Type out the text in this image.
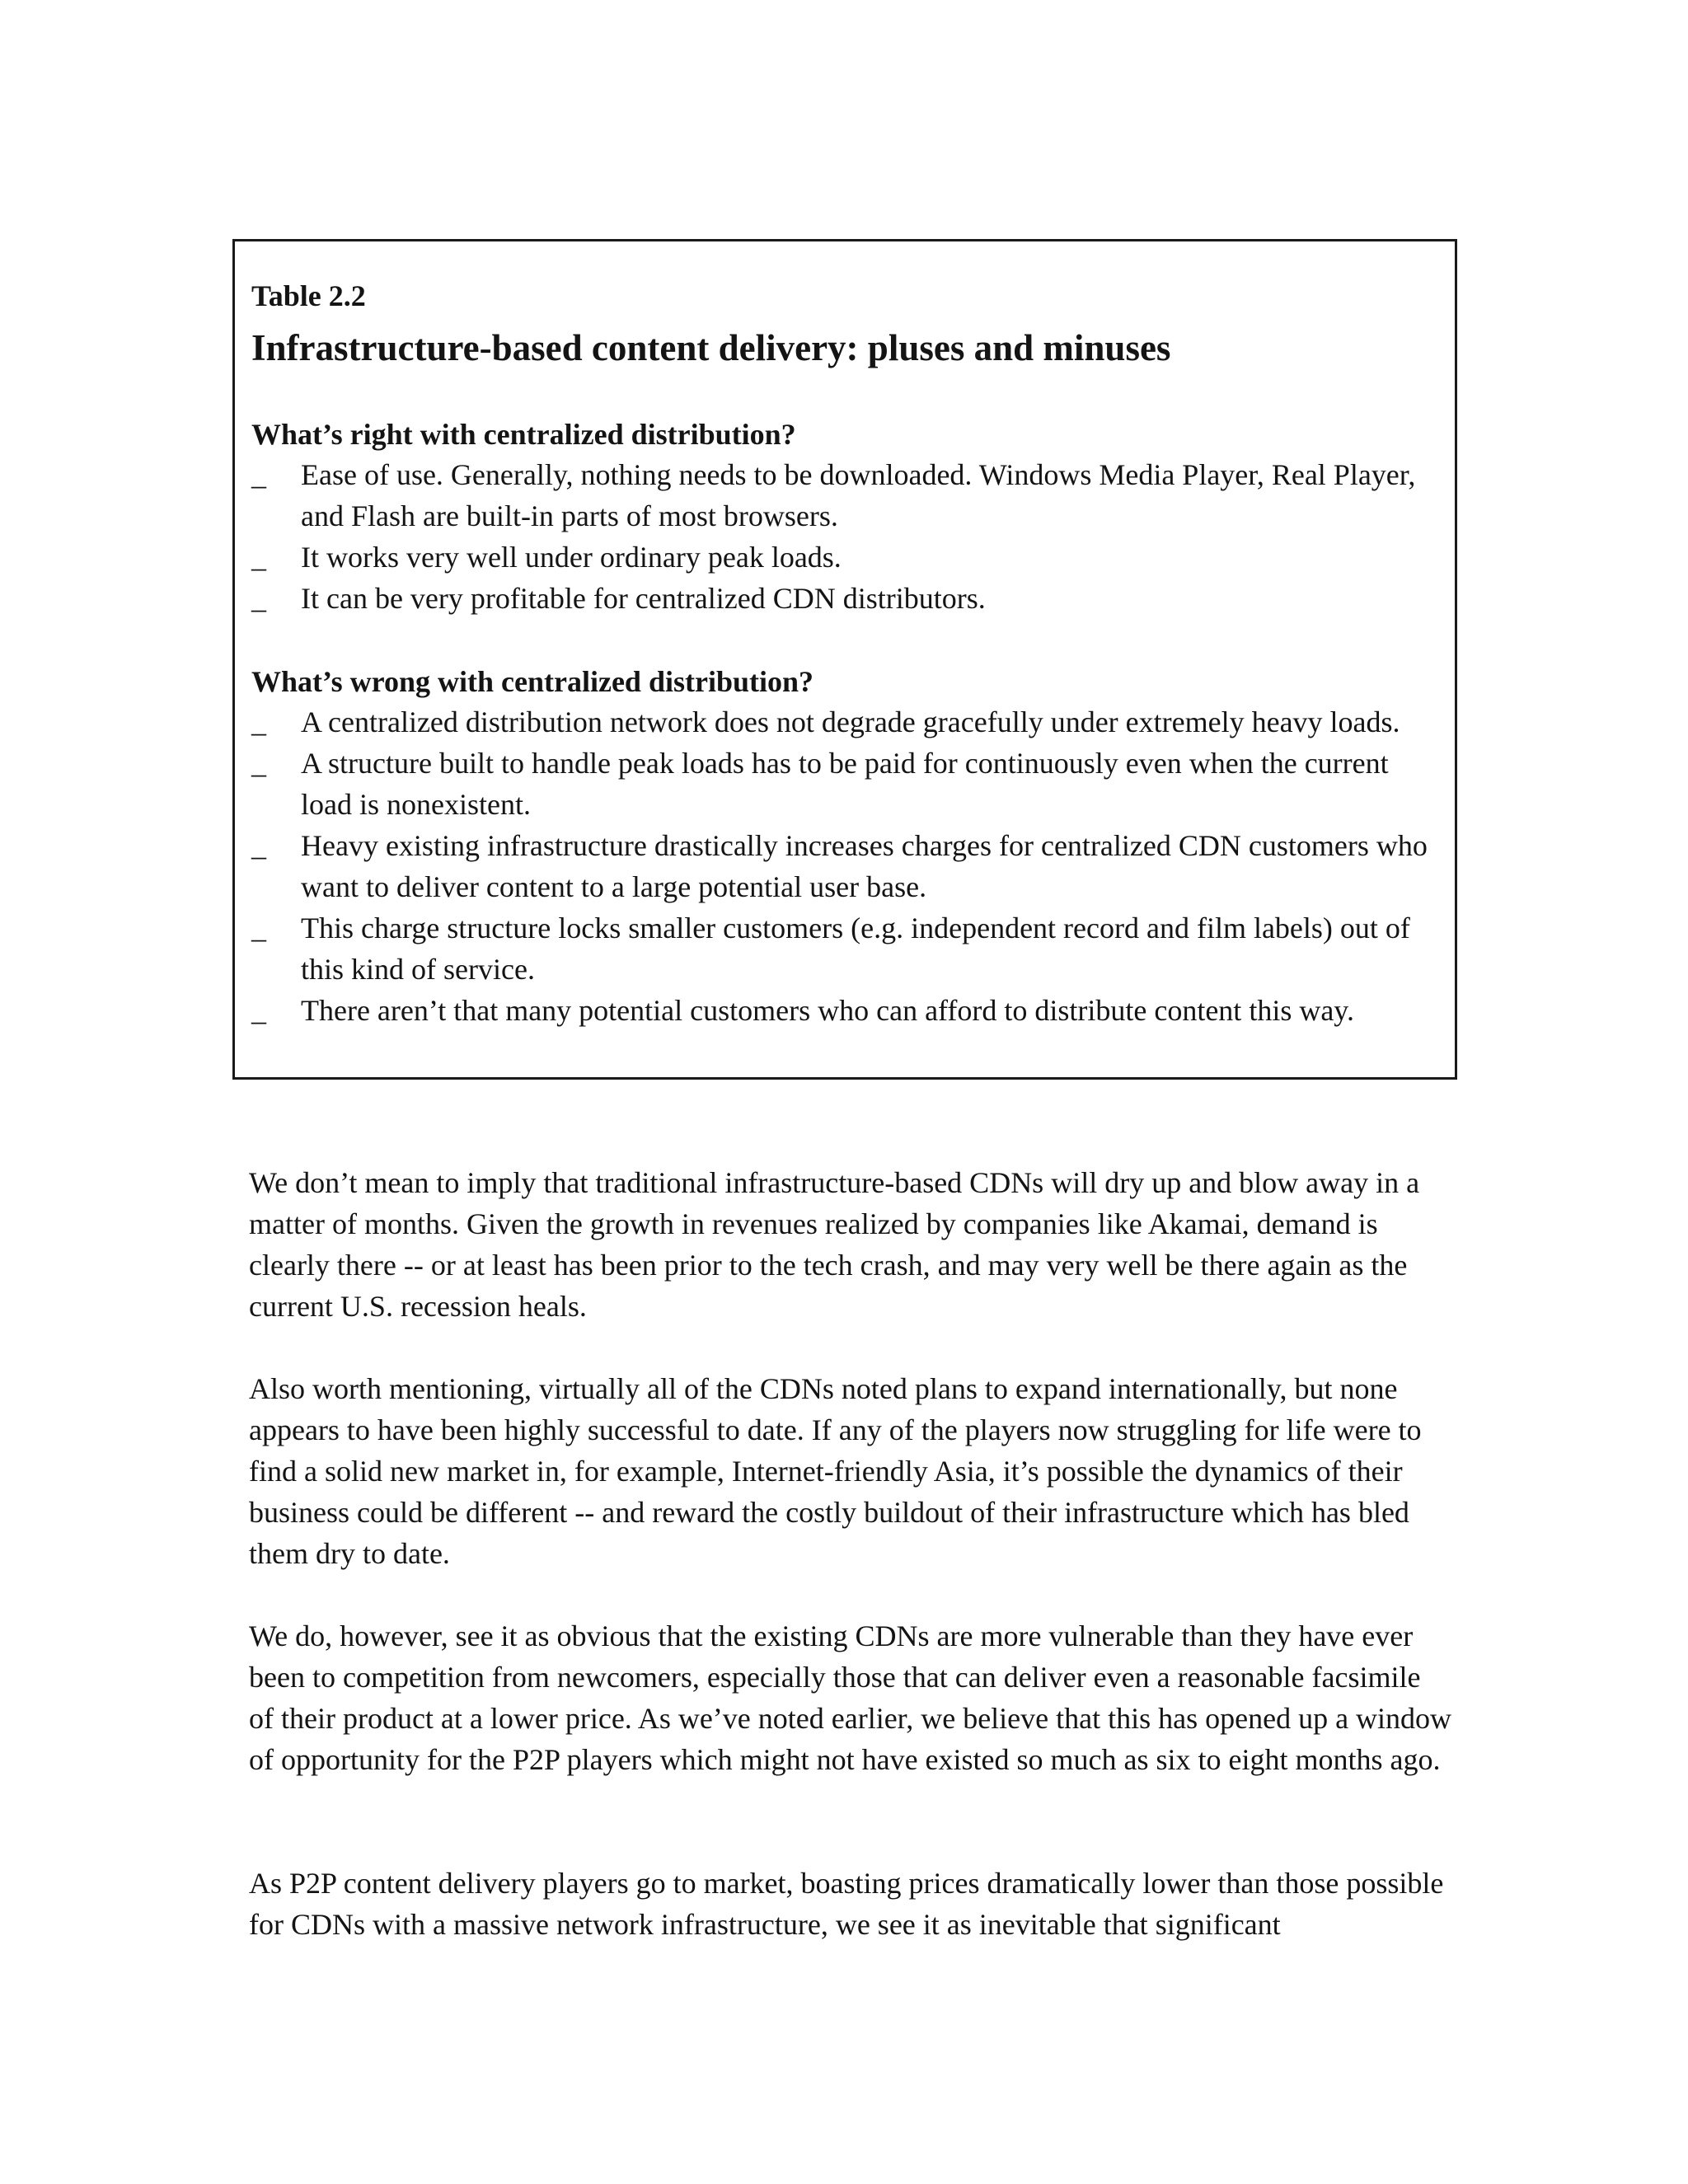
Table 2.2
Infrastructure-based content delivery: pluses and minuses
What’s right with centralized distribution?
_	Ease of use. Generally, nothing needs to be downloaded. Windows Media Player, Real Player, and Flash are built-in parts of most browsers.
_	It works very well under ordinary peak loads.
_	It can be very profitable for centralized CDN distributors.
What’s wrong with centralized distribution?
_	A centralized distribution network does not degrade gracefully under extremely heavy loads.
_	A structure built to handle peak loads has to be paid for continuously even when the current load is nonexistent.
_	Heavy existing infrastructure drastically increases charges for centralized CDN customers who want to deliver content to a large potential user base.
_	This charge structure locks smaller customers (e.g. independent record and film labels) out of this kind of service.
_	There aren’t that many potential customers who can afford to distribute content this way.

We don’t mean to imply that traditional infrastructure-based CDNs will dry up and blow away in a matter of months. Given the growth in revenues realized by companies like Akamai, demand is clearly there -- or at least has been prior to the tech crash, and may very well be there again as the current U.S. recession heals.

Also worth mentioning, virtually all of the CDNs noted plans to expand internationally, but none appears to have been highly successful to date. If any of the players now struggling for life were to find a solid new market in, for example, Internet-friendly Asia, it’s possible the dynamics of their business could be different -- and reward the costly buildout of their infrastructure which has bled them dry to date.

We do, however, see it as obvious that the existing CDNs are more vulnerable than they have ever been to competition from newcomers, especially those that can deliver even a reasonable facsimile of their product at a lower price. As we’ve noted earlier, we believe that this has opened up a window of opportunity for the P2P players which might not have existed so much as six to eight months ago.

As P2P content delivery players go to market, boasting prices dramatically lower than those possible for CDNs with a massive network infrastructure, we see it as inevitable that significant
